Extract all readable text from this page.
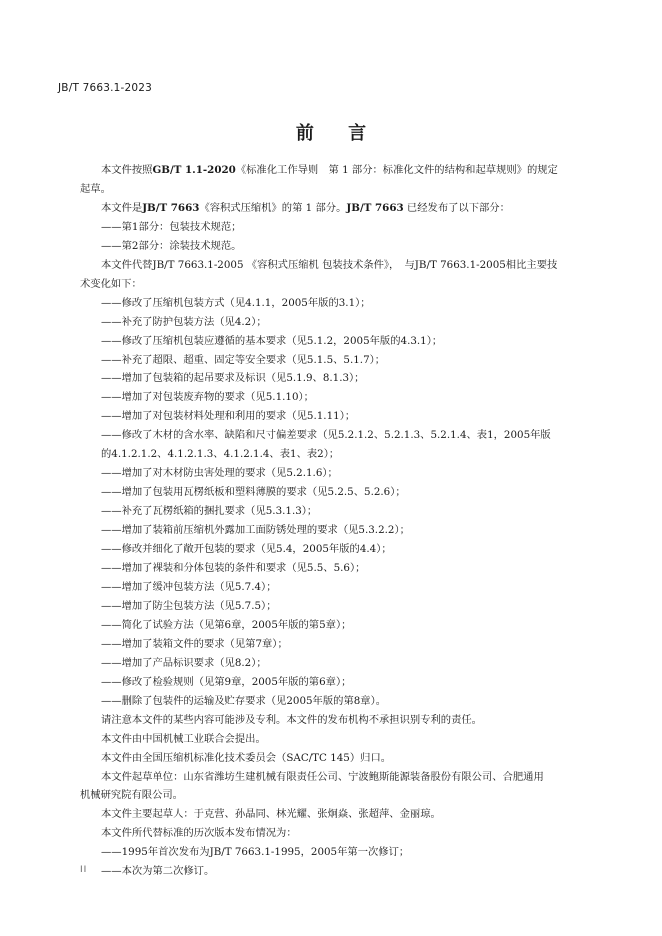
JB/T 7663.1-2023
前 言

本文件按照GB/T 1.1-2020《标准化工作导则　第 1 部分：标准化文件的结构和起草规则》的规定

起草。

本文件是JB/T 7663《容积式压缩机》的第 1 部分。JB/T 7663 已经发布了以下部分：

——第1部分：包装技术规范；

——第2部分：涂装技术规范。

本文件代替JB/T 7663.1-2005 《容积式压缩机 包装技术条件》，　与JB/T 7663.1-2005相比主要技

术变化如下：

——修改了压缩机包装方式（见4.1.1，2005年版的3.1）；

——补充了防护包装方法（见4.2）；

——修改了压缩机包装应遵循的基本要求（见5.1.2，2005年版的4.3.1）；

——补充了超限、超重、固定等安全要求（见5.1.5、5.1.7）；

——增加了包装箱的起吊要求及标识（见5.1.9、8.1.3）；

——增加了对包装废弃物的要求（见5.1.10）；

——增加了对包装材料处理和利用的要求（见5.1.11）；

——修改了木材的含水率、缺陷和尺寸偏差要求（见5.2.1.2、5.2.1.3、5.2.1.4、表1，2005年版

的4.1.2.1.2、4.1.2.1.3、4.1.2.1.4、表1、表2）；

——增加了对木材防虫害处理的要求（见5.2.1.6）；

——增加了包装用瓦楞纸板和塑料薄膜的要求（见5.2.5、5.2.6）；

——补充了瓦楞纸箱的捆扎要求（见5.3.1.3）；

——增加了装箱前压缩机外露加工面防锈处理的要求（见5.3.2.2）；

——修改并细化了敞开包装的要求（见5.4，2005年版的4.4）；

——增加了裸装和分体包装的条件和要求（见5.5、5.6）；

——增加了缓冲包装方法（见5.7.4）；

——增加了防尘包装方法（见5.7.5）；

——简化了试验方法（见第6章，2005年版的第5章）；

——增加了装箱文件的要求（见第7章）；

——增加了产品标识要求（见8.2）；

——修改了检验规则（见第9章，2005年版的第6章）；

——删除了包装件的运输及贮存要求（见2005年版的第8章）。

请注意本文件的某些内容可能涉及专利。本文件的发布机构不承担识别专利的责任。

本文件由中国机械工业联合会提出。

本文件由全国压缩机标准化技术委员会（SAC/TC 145）归口。

本文件起草单位：山东省潍坊生建机械有限责任公司、宁波鲍斯能源装备股份有限公司、合肥通用

机械研究院有限公司。

本文件主要起草人：于克营、孙晶同、林光耀、张炯焱、张超萍、金丽琼。

本文件所代替标准的历次版本发布情况为：

——1995年首次发布为JB/T 7663.1-1995，2005年第一次修订；

——本次为第二次修订。

II
